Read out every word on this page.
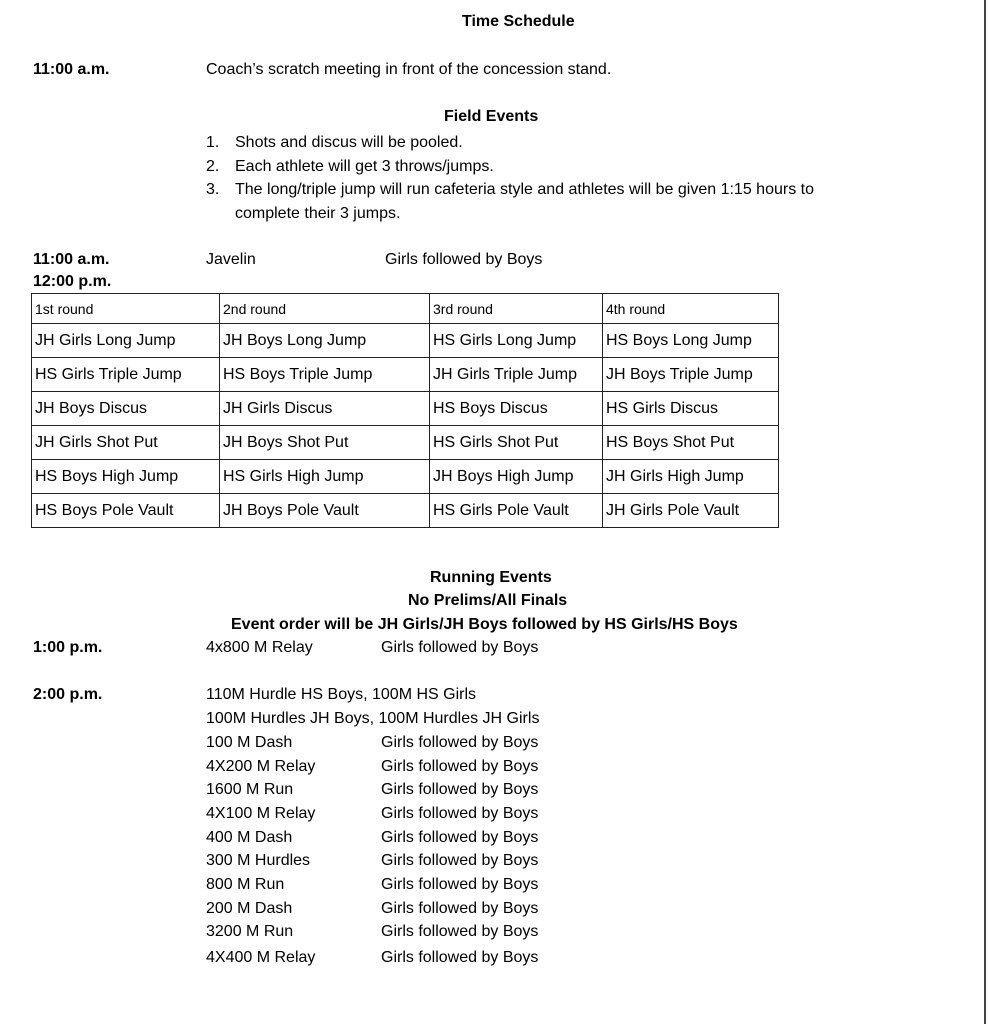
Time Schedule
11:00 a.m.	Coach’s scratch meeting in front of the concession stand.
Field Events
1. Shots and discus will be pooled.
2. Each athlete will get 3 throws/jumps.
3. The long/triple jump will run cafeteria style and athletes will be given 1:15 hours to
complete their 3 jumps.
11:00 a.m.	Javelin	Girls followed by Boys
12:00 p.m.
1st round	2nd round	3rd round	4th round
JH Girls Long Jump	JH Boys Long Jump	HS Girls Long Jump	HS Boys Long Jump
HS Girls Triple Jump	HS Boys Triple Jump	JH Girls Triple Jump	JH Boys Triple Jump
JH Boys Discus	JH Girls Discus	HS Boys Discus	HS Girls Discus
JH Girls Shot Put	JH Boys Shot Put	HS Girls Shot Put	HS Boys Shot Put
HS Boys High Jump	HS Girls High Jump	JH Boys High Jump	JH Girls High Jump
HS Boys Pole Vault	JH Boys Pole Vault	HS Girls Pole Vault	JH Girls Pole Vault
Running Events
No Prelims/All Finals
Event order will be JH Girls/JH Boys followed by HS Girls/HS Boys
1:00 p.m.	4x800 M Relay	Girls followed by Boys
2:00 p.m.	110M Hurdle HS Boys, 100M HS Girls
100M Hurdles JH Boys, 100M Hurdles JH Girls
100 M Dash	Girls followed by Boys
4X200 M Relay	Girls followed by Boys
1600 M Run	Girls followed by Boys
4X100 M Relay	Girls followed by Boys
400 M Dash	Girls followed by Boys
300 M Hurdles	Girls followed by Boys
800 M Run	Girls followed by Boys
200 M Dash	Girls followed by Boys
3200 M Run	Girls followed by Boys
4X400 M Relay	Girls followed by Boys
